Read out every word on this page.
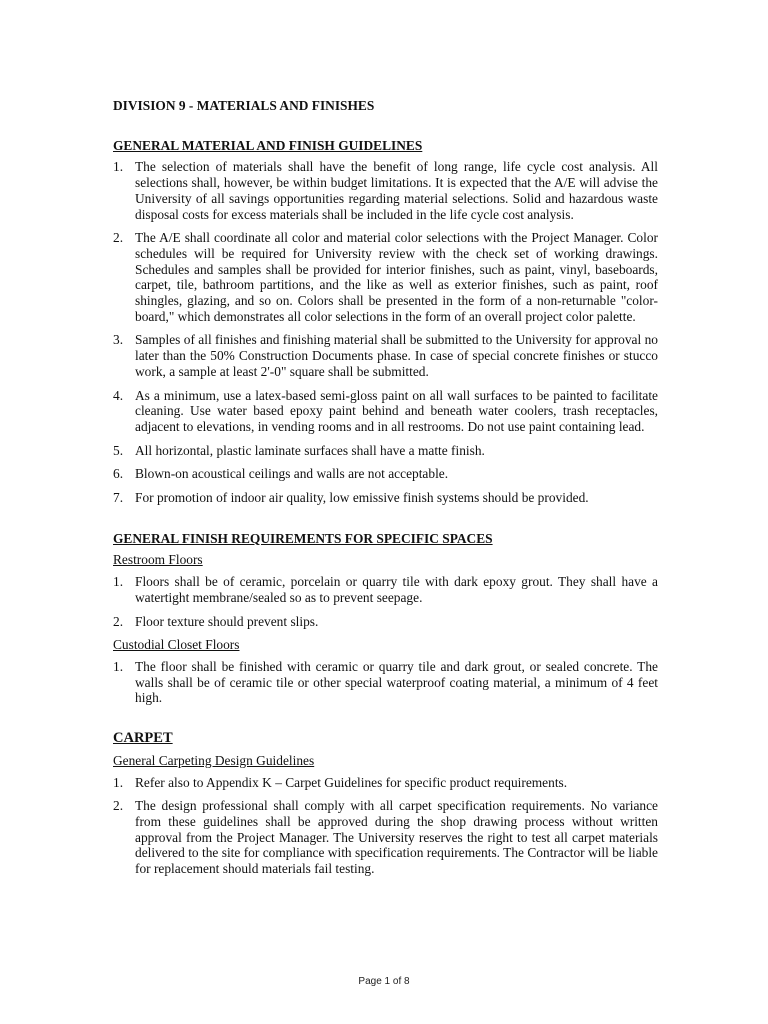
DIVISION 9 - MATERIALS AND FINISHES
GENERAL MATERIAL AND FINISH GUIDELINES
1. The selection of materials shall have the benefit of long range, life cycle cost analysis. All selections shall, however, be within budget limitations. It is expected that the A/E will advise the University of all savings opportunities regarding material selections. Solid and hazardous waste disposal costs for excess materials shall be included in the life cycle cost analysis.
2. The A/E shall coordinate all color and material color selections with the Project Manager. Color schedules will be required for University review with the check set of working drawings. Schedules and samples shall be provided for interior finishes, such as paint, vinyl, baseboards, carpet, tile, bathroom partitions, and the like as well as exterior finishes, such as paint, roof shingles, glazing, and so on. Colors shall be presented in the form of a non-returnable "color-board," which demonstrates all color selections in the form of an overall project color palette.
3. Samples of all finishes and finishing material shall be submitted to the University for approval no later than the 50% Construction Documents phase. In case of special concrete finishes or stucco work, a sample at least 2'-0" square shall be submitted.
4. As a minimum, use a latex-based semi-gloss paint on all wall surfaces to be painted to facilitate cleaning. Use water based epoxy paint behind and beneath water coolers, trash receptacles, adjacent to elevations, in vending rooms and in all restrooms. Do not use paint containing lead.
5. All horizontal, plastic laminate surfaces shall have a matte finish.
6. Blown-on acoustical ceilings and walls are not acceptable.
7. For promotion of indoor air quality, low emissive finish systems should be provided.
GENERAL FINISH REQUIREMENTS FOR SPECIFIC SPACES
Restroom Floors
1. Floors shall be of ceramic, porcelain or quarry tile with dark epoxy grout. They shall have a watertight membrane/sealed so as to prevent seepage.
2. Floor texture should prevent slips.
Custodial Closet Floors
1. The floor shall be finished with ceramic or quarry tile and dark grout, or sealed concrete. The walls shall be of ceramic tile or other special waterproof coating material, a minimum of 4 feet high.
CARPET
General Carpeting Design Guidelines
1. Refer also to Appendix K – Carpet Guidelines for specific product requirements.
2. The design professional shall comply with all carpet specification requirements. No variance from these guidelines shall be approved during the shop drawing process without written approval from the Project Manager. The University reserves the right to test all carpet materials delivered to the site for compliance with specification requirements. The Contractor will be liable for replacement should materials fail testing.
Page 1 of 8
